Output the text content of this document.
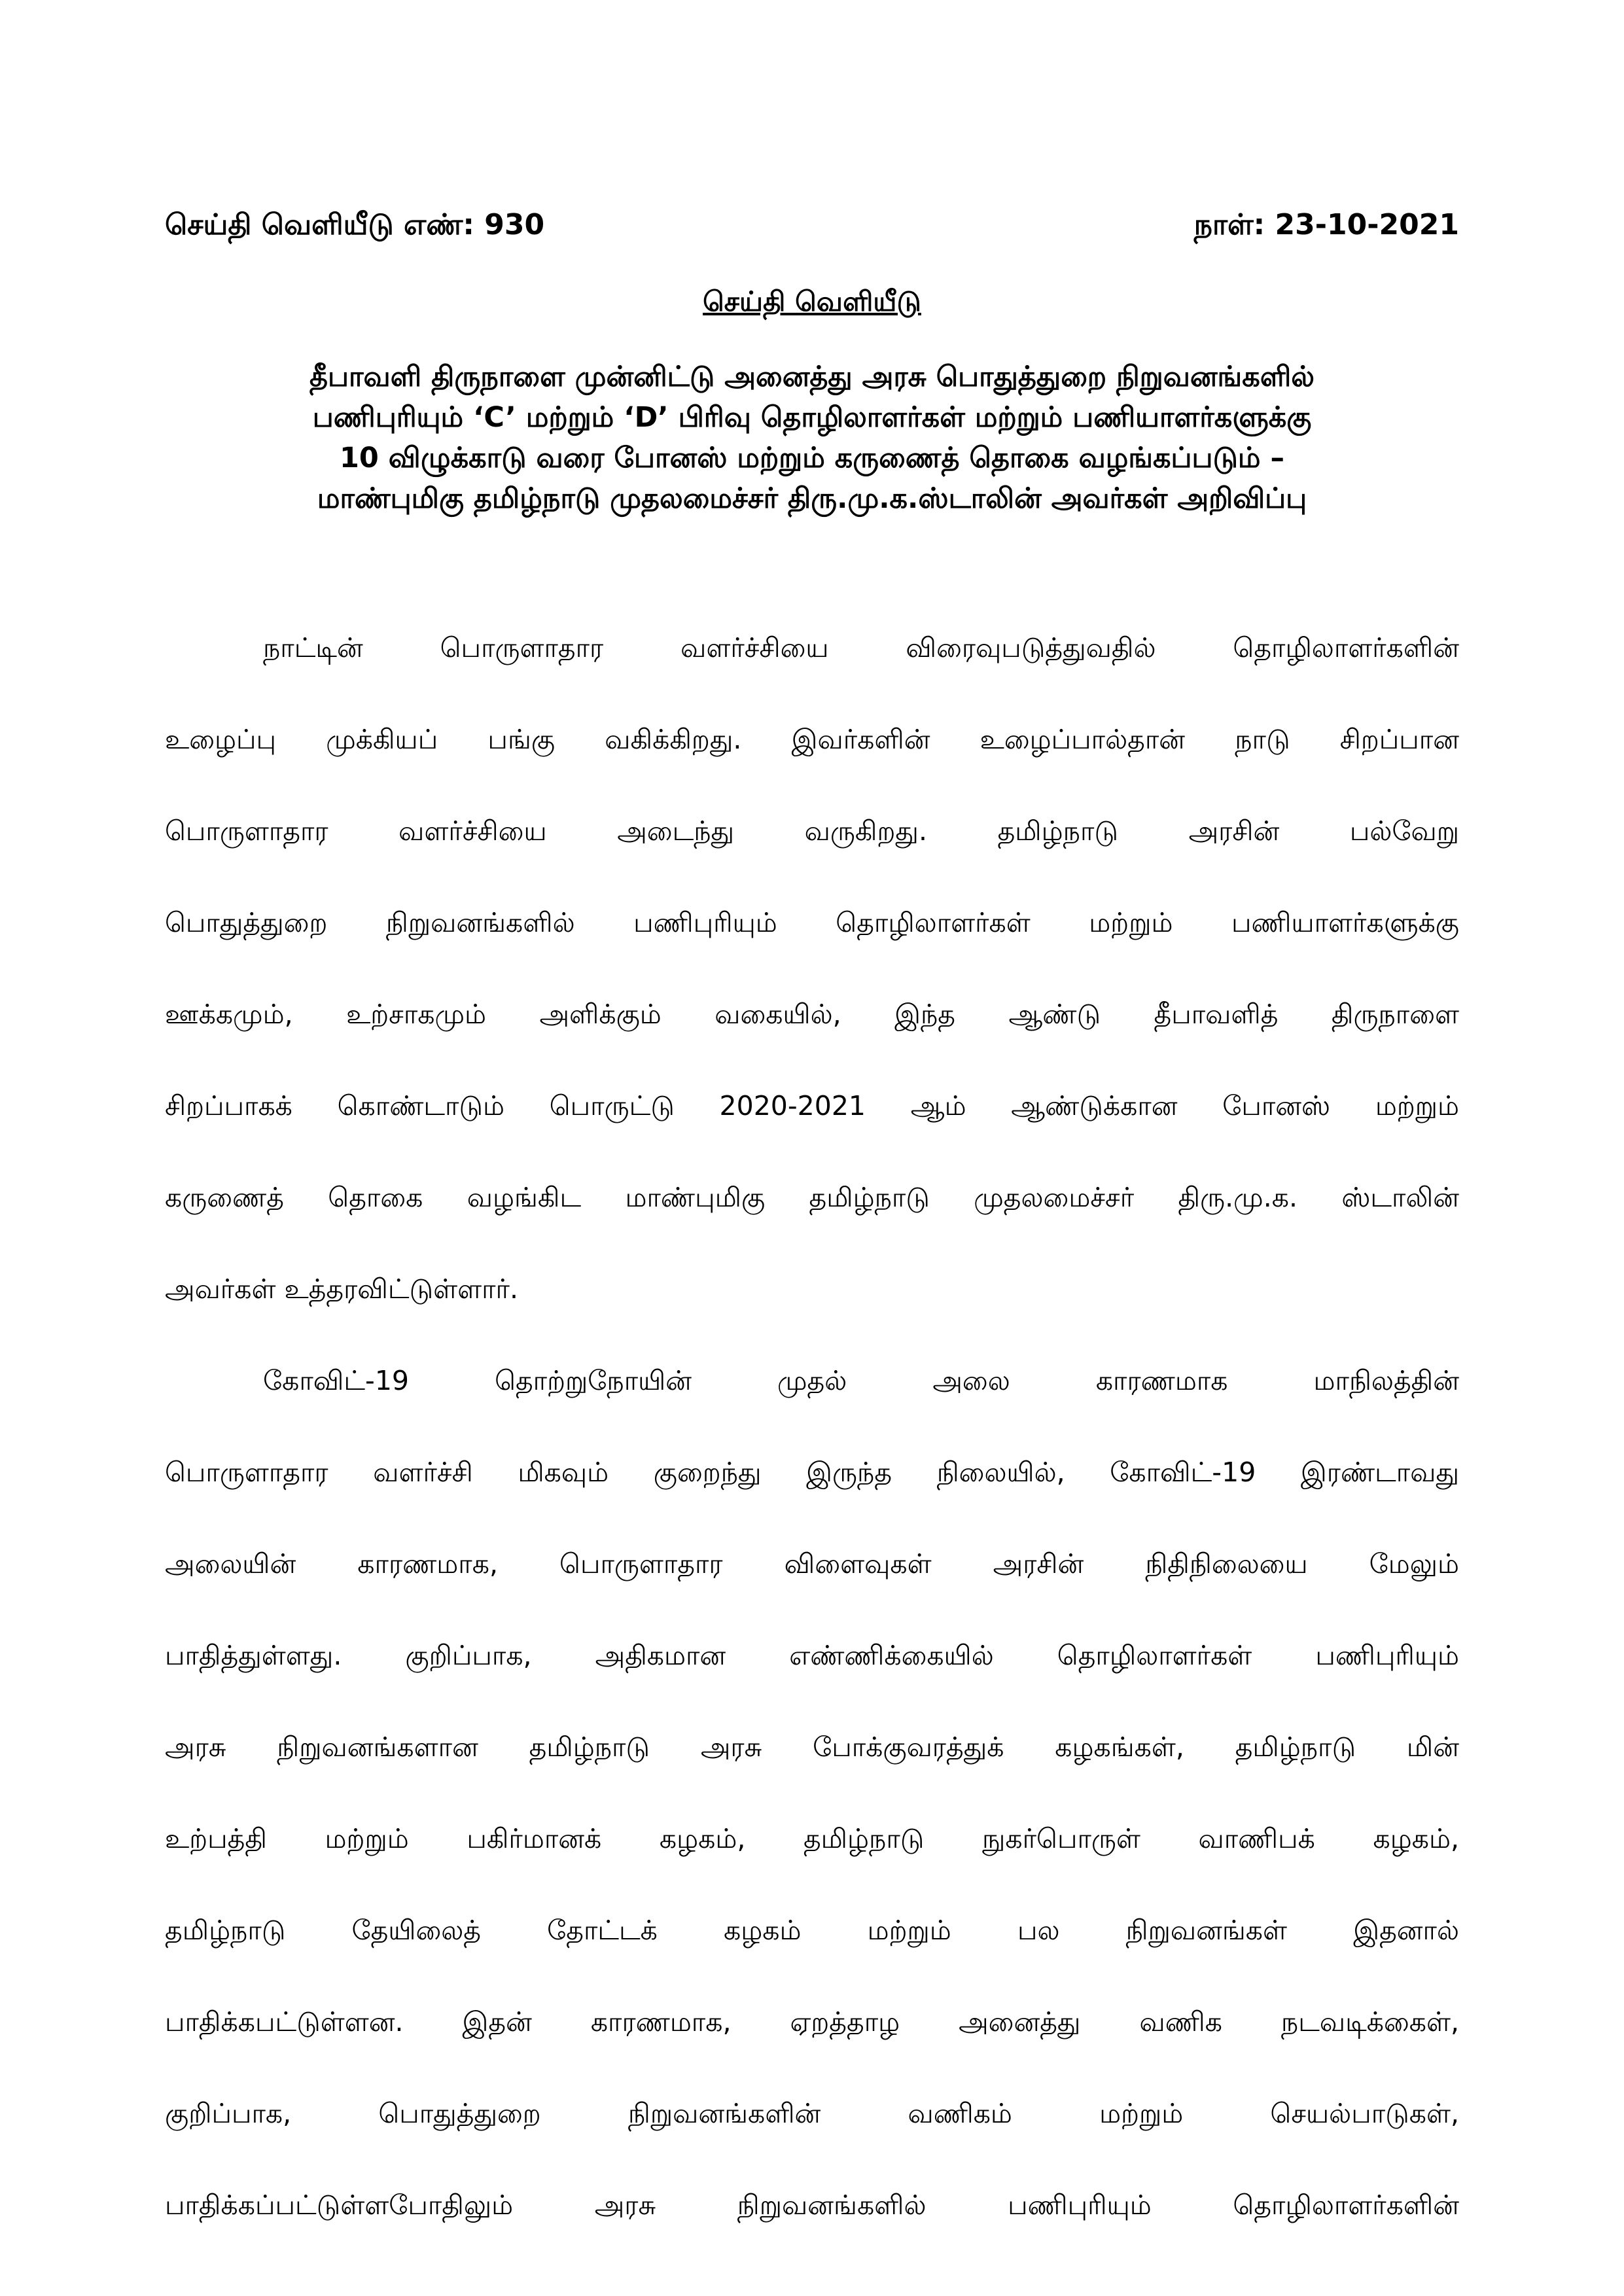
செய்தி வெளியீடு எண்: 930	நாள்: 23-10-2021
செய்தி வெளியீடு
தீபாவளி திருநாளை முன்னிட்டு அனைத்து அரசு பொதுத்துறை நிறுவனங்களில்
பணிபுரியும் ‘C’ மற்றும் ‘D’ பிரிவு தொழிலாளர்கள் மற்றும் பணியாளர்களுக்கு
10 விழுக்காடு வரை போனஸ் மற்றும் கருணைத் தொகை வழங்கப்படும் –
மாண்புமிகு தமிழ்நாடு முதலமைச்சர் திரு.மு.க.ஸ்டாலின் அவர்கள் அறிவிப்பு
நாட்டின் பொருளாதார வளர்ச்சியை விரைவுபடுத்துவதில் தொழிலாளர்களின்
உழைப்பு முக்கியப் பங்கு வகிக்கிறது. இவர்களின் உழைப்பால்தான் நாடு சிறப்பான
பொருளாதார வளர்ச்சியை அடைந்து வருகிறது. தமிழ்நாடு அரசின் பல்வேறு
பொதுத்துறை நிறுவனங்களில் பணிபுரியும் தொழிலாளர்கள் மற்றும் பணியாளர்களுக்கு
ஊக்கமும், உற்சாகமும் அளிக்கும் வகையில், இந்த ஆண்டு தீபாவளித் திருநாளை
சிறப்பாகக் கொண்டாடும் பொருட்டு 2020-2021 ஆம் ஆண்டுக்கான போனஸ் மற்றும்
கருணைத் தொகை வழங்கிட மாண்புமிகு தமிழ்நாடு முதலமைச்சர் திரு.மு.க. ஸ்டாலின்
அவர்கள் உத்தரவிட்டுள்ளார்.
கோவிட்-19 தொற்றுநோயின் முதல் அலை காரணமாக மாநிலத்தின்
பொருளாதார வளர்ச்சி மிகவும் குறைந்து இருந்த நிலையில், கோவிட்-19 இரண்டாவது
அலையின் காரணமாக, பொருளாதார விளைவுகள் அரசின் நிதிநிலையை மேலும்
பாதித்துள்ளது. குறிப்பாக, அதிகமான எண்ணிக்கையில் தொழிலாளர்கள் பணிபுரியும்
அரசு நிறுவனங்களான தமிழ்நாடு அரசு போக்குவரத்துக் கழகங்கள், தமிழ்நாடு மின்
உற்பத்தி மற்றும் பகிர்மானக் கழகம், தமிழ்நாடு நுகர்பொருள் வாணிபக் கழகம்,
தமிழ்நாடு தேயிலைத் தோட்டக் கழகம் மற்றும் பல நிறுவனங்கள் இதனால்
பாதிக்கபட்டுள்ளன. இதன் காரணமாக, ஏறத்தாழ அனைத்து வணிக நடவடிக்கைள்,
குறிப்பாக, பொதுத்துறை நிறுவனங்களின் வணிகம் மற்றும் செயல்பாடுகள்,
பாதிக்கப்பட்டுள்ளபோதிலும் அரசு நிறுவனங்களில் பணிபுரியும் தொழிலாளர்களின்
